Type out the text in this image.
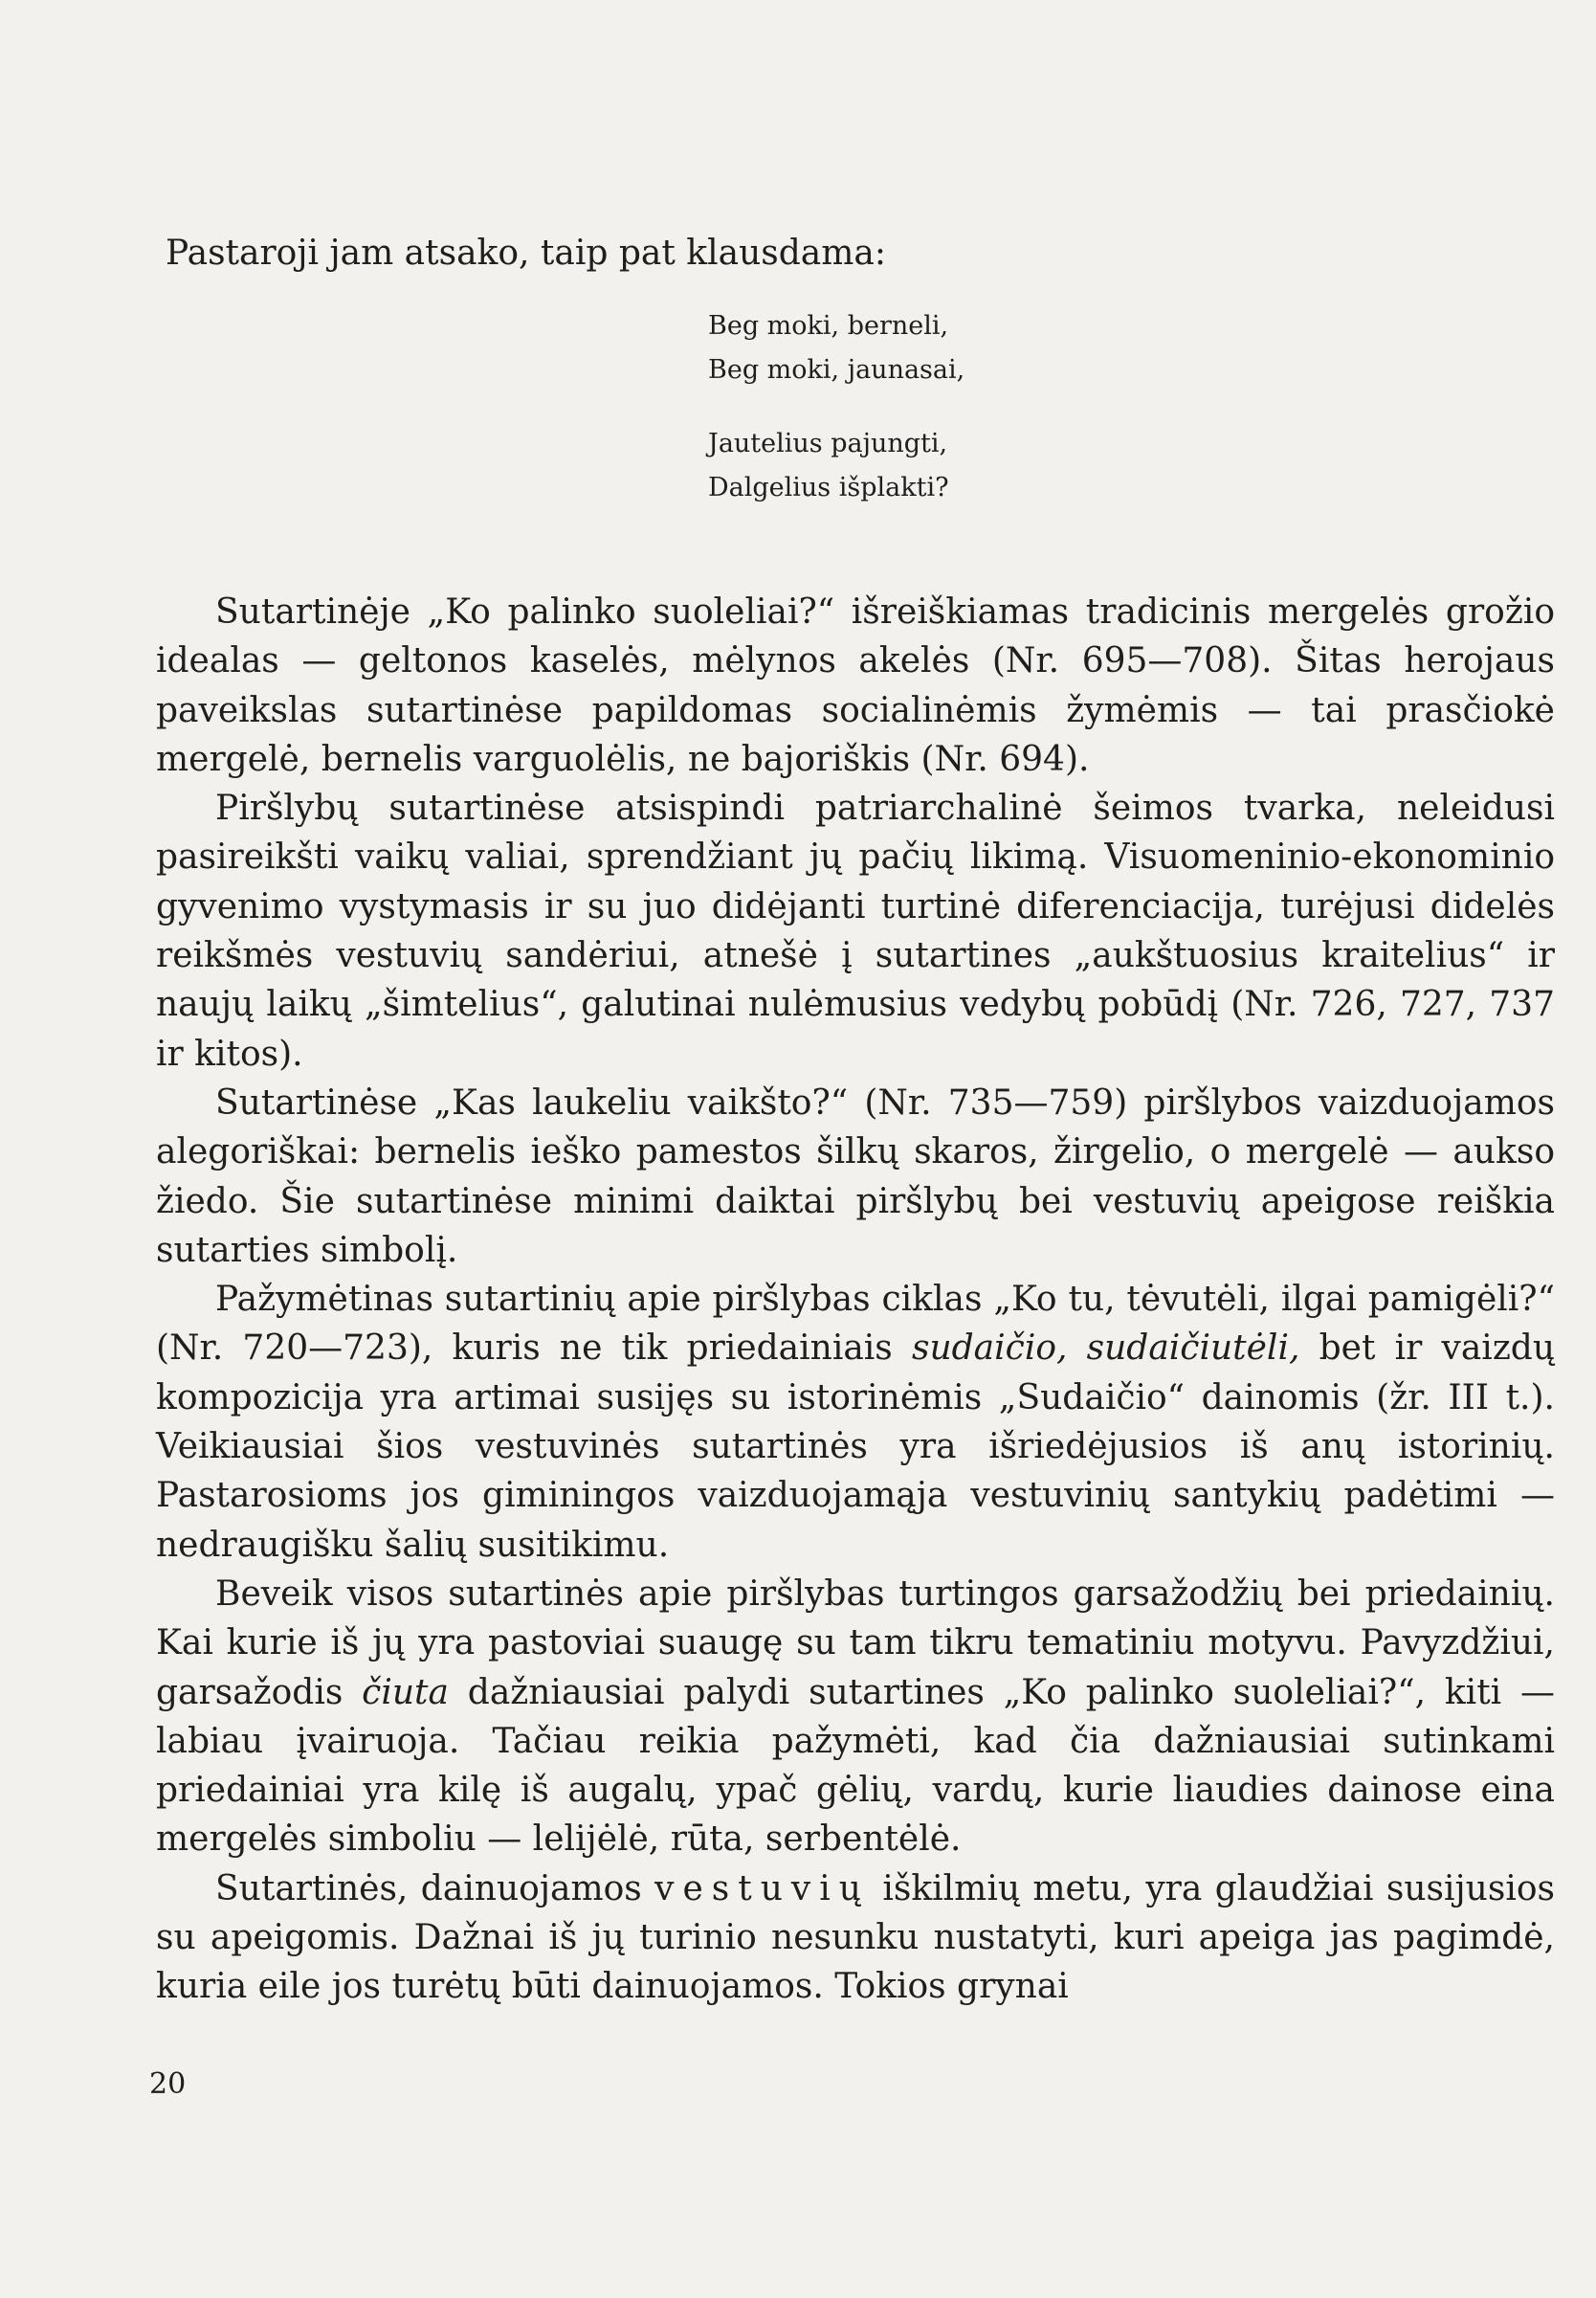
Pastaroji jam atsako, taip pat klausdama:

Beg moki, berneli,
Beg moki, jaunasai,
Jautelius pajungti,
Dalgelius išplakti?

Sutartinėje „Ko palinko suoleliai?“ išreiškiamas tradicinis mergelės grožio idealas — geltonos kaselės, mėlynos akelės (Nr. 695—708). Šitas herojaus paveikslas sutartinėse papildomas socialinėmis žymėmis — tai prasčiokė mergelė, bernelis varguolėlis, ne bajoriškis (Nr. 694).

Piršlybų sutartinėse atsispindi patriarchalinė šeimos tvarka, neleidusi pasireikšti vaikų valiai, sprendžiant jų pačių likimą. Visuomeninio-ekonominio gyvenimo vystymasis ir su juo didėjanti turtinė diferenciacija, turėjusi didelės reikšmės vestuvių sandėriui, atnešė į sutartines „aukštuosius kraitelius“ ir naujų laikų „šimtelius“, galutinai nulėmusius vedybų pobūdį (Nr. 726, 727, 737 ir kitos).

Sutartinėse „Kas laukeliu vaikšto?“ (Nr. 735—759) piršlybos vaizduojamos alegoriškai: bernelis ieško pamestos šilkų skaros, žirgelio, o mergelė — aukso žiedo. Šie sutartinėse minimi daiktai piršlybų bei vestuvių apeigose reiškia sutarties simbolį.

Pažymėtinas sutartinių apie piršlybas ciklas „Ko tu, tėvutėli, ilgai pamigėli?“ (Nr. 720—723), kuris ne tik priedainiais sudaičio, sudaičiutėli, bet ir vaizdų kompozicija yra artimai susijęs su istorinėmis „Sudaičio“ dainomis (žr. III t.). Veikiausiai šios vestuvinės sutartinės yra išriedėjusios iš anų istorinių. Pastarosioms jos giminingos vaizduojamąja vestuvinių santykių padėtimi — nedraugišku šalių susitikimu.

Beveik visos sutartinės apie piršlybas turtingos garsažodžių bei priedainių. Kai kurie iš jų yra pastoviai suaugę su tam tikru tematiniu motyvu. Pavyzdžiui, garsažodis čiuta dažniausiai palydi sutartines „Ko palinko suoleliai?“, kiti — labiau įvairuoja. Tačiau reikia pažymėti, kad čia dažniausiai sutinkami priedainiai yra kilę iš augalų, ypač gėlių, vardų, kurie liaudies dainose eina mergelės simboliu — lelijėlė, rūta, serbentėlė.

Sutartinės, dainuojamos vestuvių iškilmių metu, yra glaudžiai susijusios su apeigomis. Dažnai iš jų turinio nesunku nustatyti, kuri apeiga jas pagimdė, kuria eile jos turėtų būti dainuojamos. Tokios grynai

20
